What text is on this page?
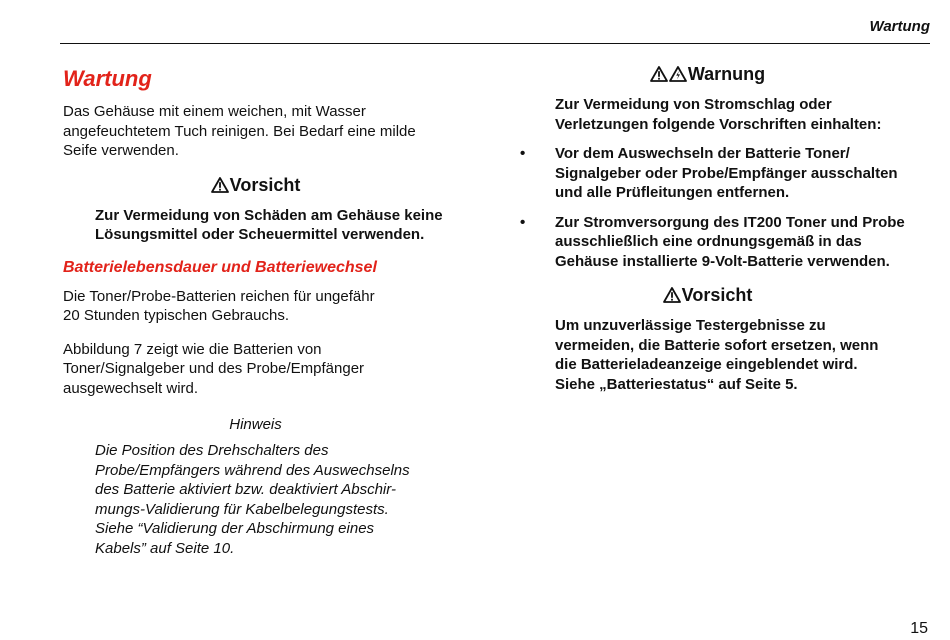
Wartung
Wartung

Das Gehäuse mit einem weichen, mit Wasser
angefeuchtetem Tuch reinigen. Bei Bedarf eine milde
Seife verwenden.

Vorsicht

Zur Vermeidung von Schäden am Gehäuse keine
Lösungsmittel oder Scheuermittel verwenden.

Batterielebensdauer und Batteriewechsel

Die Toner/Probe-Batterien reichen für ungefähr
20 Stunden typischen Gebrauchs.

Abbildung 7 zeigt wie die Batterien von
Toner/Signalgeber und des Probe/Empfänger
ausgewechselt wird.

Hinweis

Die Position des Drehschalters des
Probe/Empfängers während des Auswechselns
des Batterie aktiviert bzw. deaktiviert Abschir-
mungs-Validierung für Kabelbelegungstests.
Siehe “Validierung der Abschirmung eines
Kabels” auf Seite 10.

Warnung

Zur Vermeidung von Stromschlag oder
Verletzungen folgende Vorschriften einhalten:

• Vor dem Auswechseln der Batterie Toner/
Signalgeber oder Probe/Empfänger ausschalten
und alle Prüfleitungen entfernen.
• Zur Stromversorgung des IT200 Toner und Probe
ausschließlich eine ordnungsgemäß in das
Gehäuse installierte 9-Volt-Batterie verwenden.
Vorsicht

Um unzuverlässige Testergebnisse zu
vermeiden, die Batterie sofort ersetzen, wenn
die Batterieladeanzeige eingeblendet wird.
Siehe „Batteriestatus“ auf Seite 5.

15
